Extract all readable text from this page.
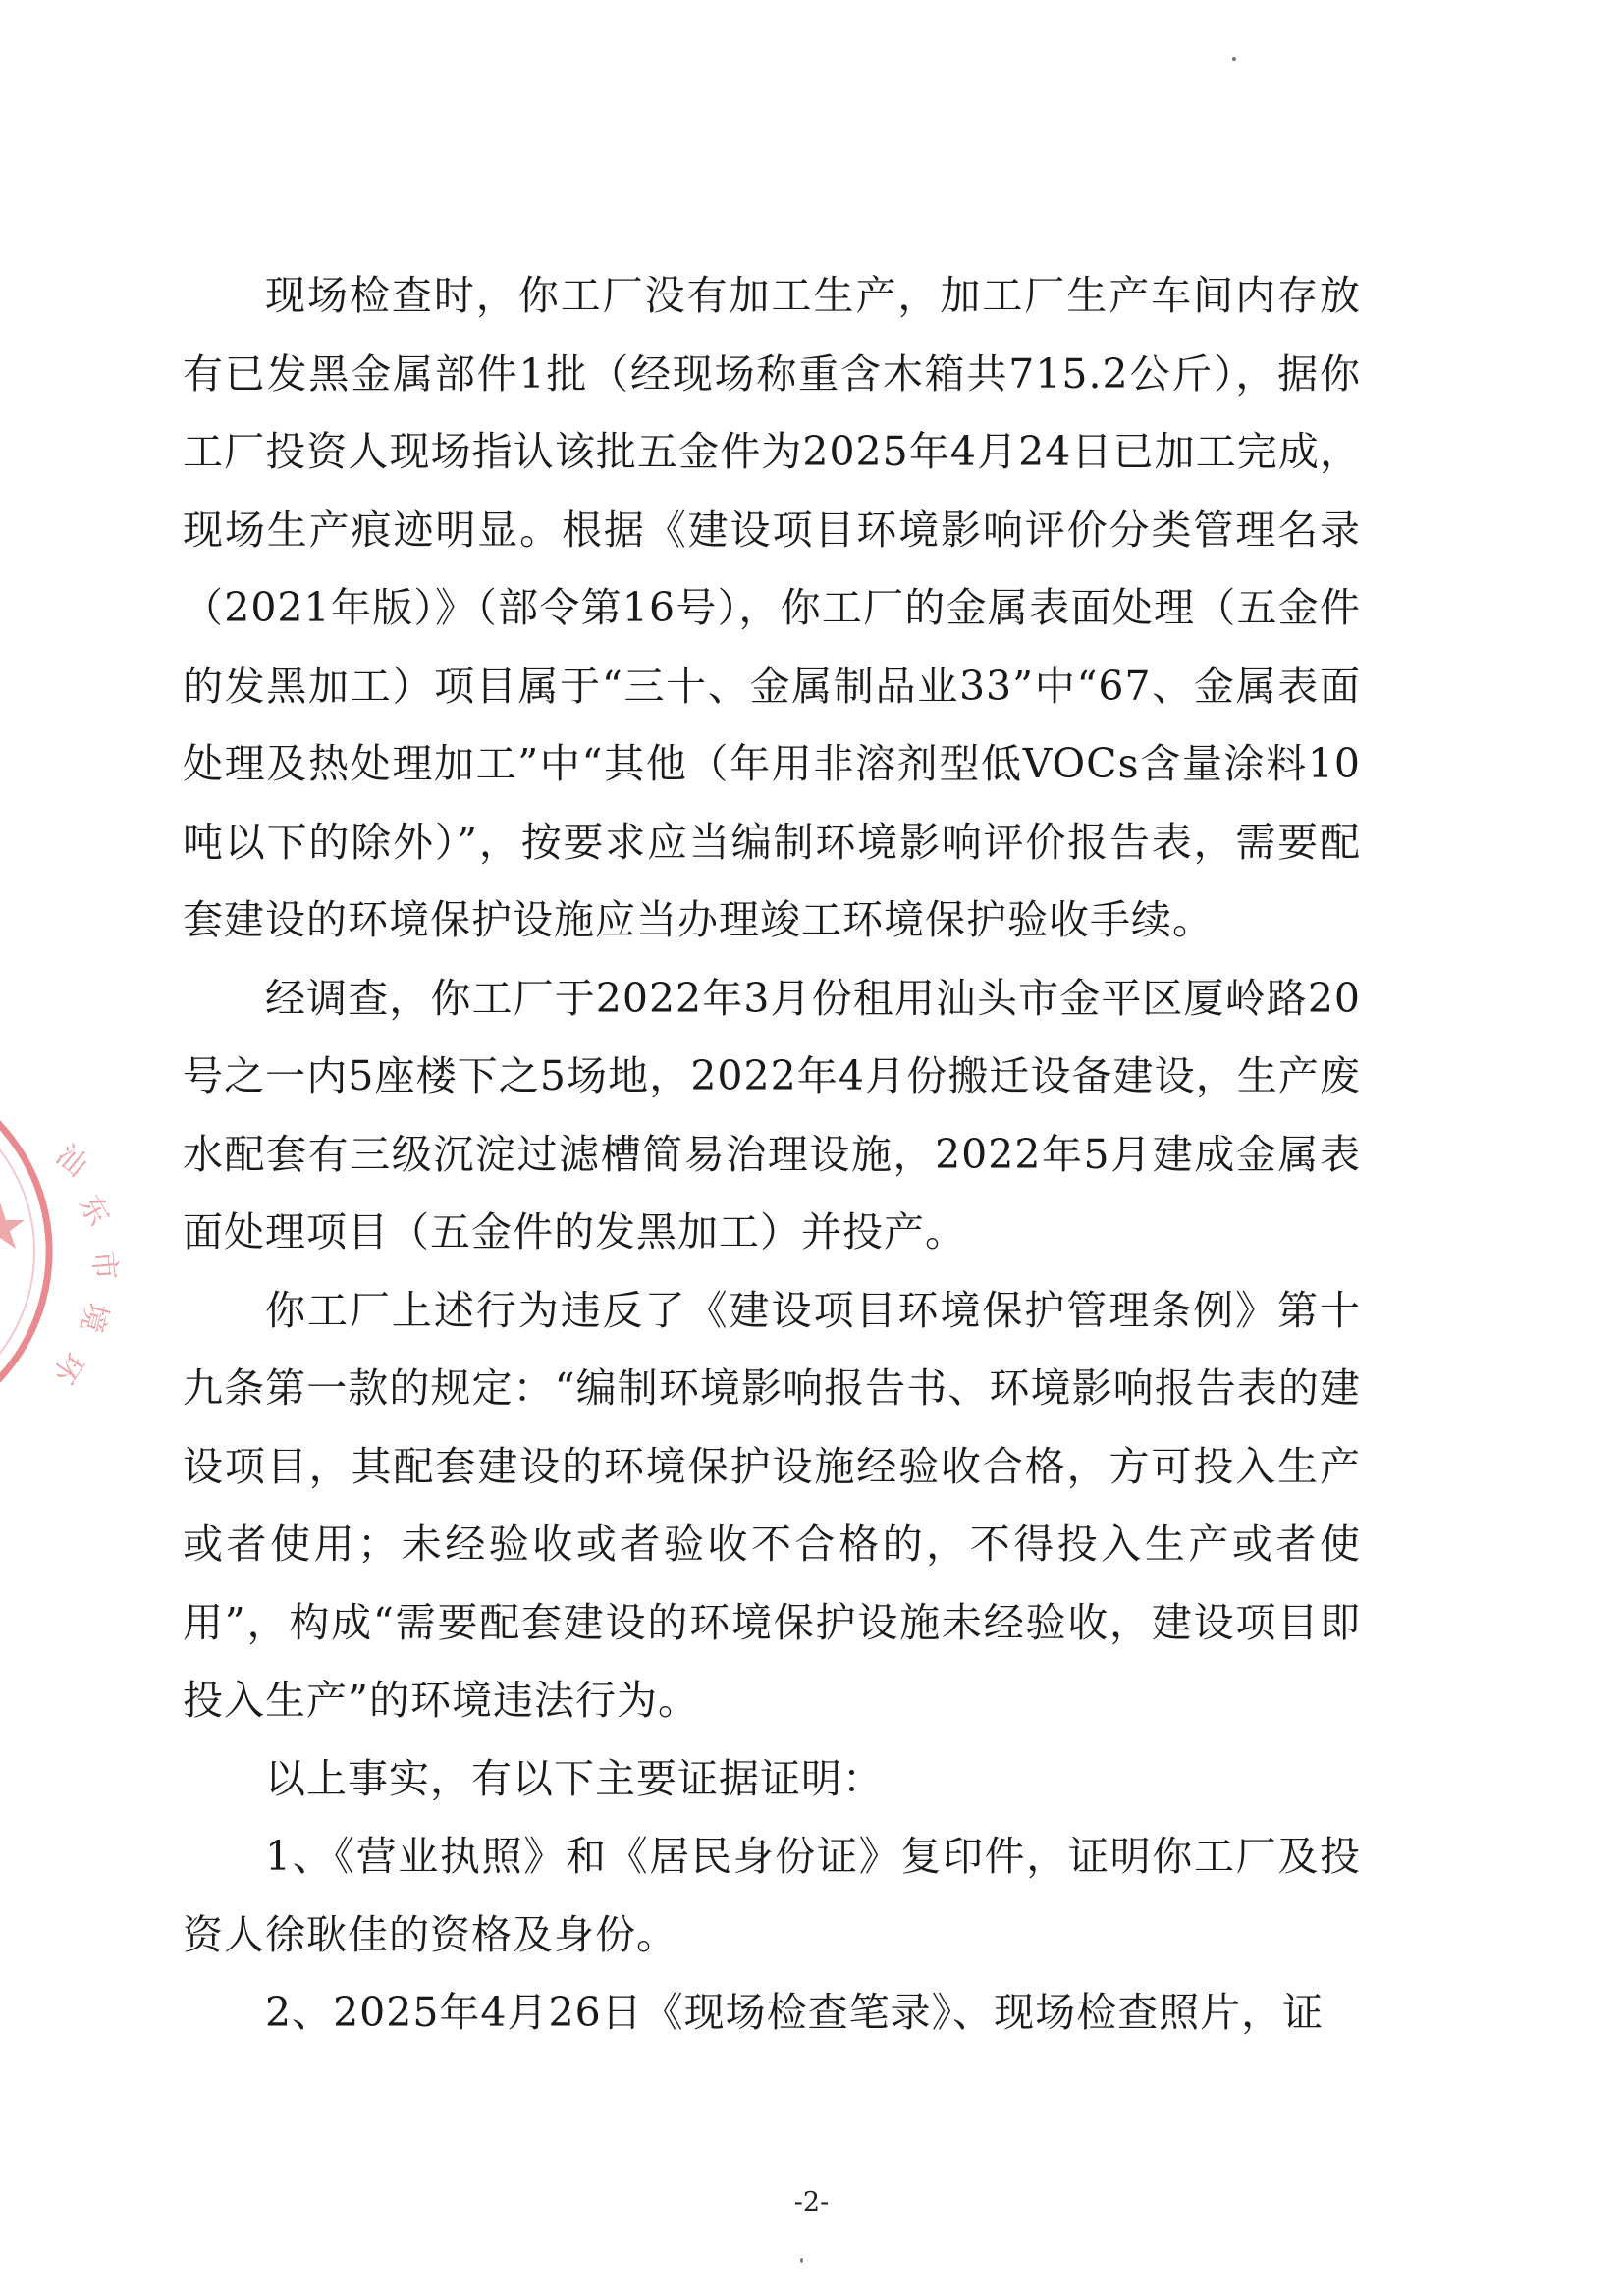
汕
东
市
境
环

现场检查时，你工厂没有加工生产，加工厂生产车间内存放有已发黑金属部件1批（经现场称重含木箱共715.2公斤），据你工厂投资人现场指认该批五金件为2025年4月24日已加工完成，现场生产痕迹明显。根据《建设项目环境影响评价分类管理名录（2021年版）》（部令第16号），你工厂的金属表面处理（五金件的发黑加工）项目属于“三十、金属制品业33”中“67、金属表面处理及热处理加工”中“其他（年用非溶剂型低VOCs含量涂料10吨以下的除外）”，按要求应当编制环境影响评价报告表，需要配套建设的环境保护设施应当办理竣工环境保护验收手续。

经调查，你工厂于2022年3月份租用汕头市金平区厦岭路20号之一内5座楼下之5场地，2022年4月份搬迁设备建设，生产废水配套有三级沉淀过滤槽简易治理设施，2022年5月建成金属表面处理项目（五金件的发黑加工）并投产。

你工厂上述行为违反了《建设项目环境保护管理条例》第十九条第一款的规定：“编制环境影响报告书、环境影响报告表的建设项目，其配套建设的环境保护设施经验收合格，方可投入生产或者使用；未经验收或者验收不合格的，不得投入生产或者使用”，构成“需要配套建设的环境保护设施未经验收，建设项目即投入生产”的环境违法行为。

以上事实，有以下主要证据证明：

1、《营业执照》和《居民身份证》复印件，证明你工厂及投资人徐耿佳的资格及身份。

2、2025年4月26日《现场检查笔录》、现场检查照片，证

-2-
